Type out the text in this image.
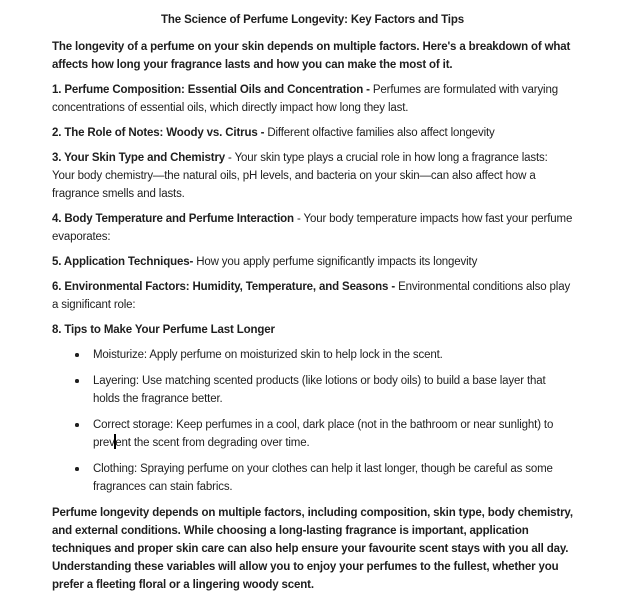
The Science of Perfume Longevity: Key Factors and Tips

The longevity of a perfume on your skin depends on multiple factors. Here's a breakdown of what affects how long your fragrance lasts and how you can make the most of it.

1. Perfume Composition: Essential Oils and Concentration - Perfumes are formulated with varying concentrations of essential oils, which directly impact how long they last.

2. The Role of Notes: Woody vs. Citrus - Different olfactive families also affect longevity

3. Your Skin Type and Chemistry - Your skin type plays a crucial role in how long a fragrance lasts: Your body chemistry—the natural oils, pH levels, and bacteria on your skin—can also affect how a fragrance smells and lasts.

4. Body Temperature and Perfume Interaction - Your body temperature impacts how fast your perfume evaporates:

5. Application Techniques- How you apply perfume significantly impacts its longevity

6. Environmental Factors: Humidity, Temperature, and Seasons - Environmental conditions also play a significant role:

8. Tips to Make Your Perfume Last Longer

Moisturize: Apply perfume on moisturized skin to help lock in the scent.
Layering: Use matching scented products (like lotions or body oils) to build a base layer that holds the fragrance better.
Correct storage: Keep perfumes in a cool, dark place (not in the bathroom or near sunlight) to prevent the scent from degrading over time.
Clothing: Spraying perfume on your clothes can help it last longer, though be careful as some fragrances can stain fabrics.

Perfume longevity depends on multiple factors, including composition, skin type, body chemistry, and external conditions. While choosing a long-lasting fragrance is important, application techniques and proper skin care can also help ensure your favourite scent stays with you all day. Understanding these variables will allow you to enjoy your perfumes to the fullest, whether you prefer a fleeting floral or a lingering woody scent.
